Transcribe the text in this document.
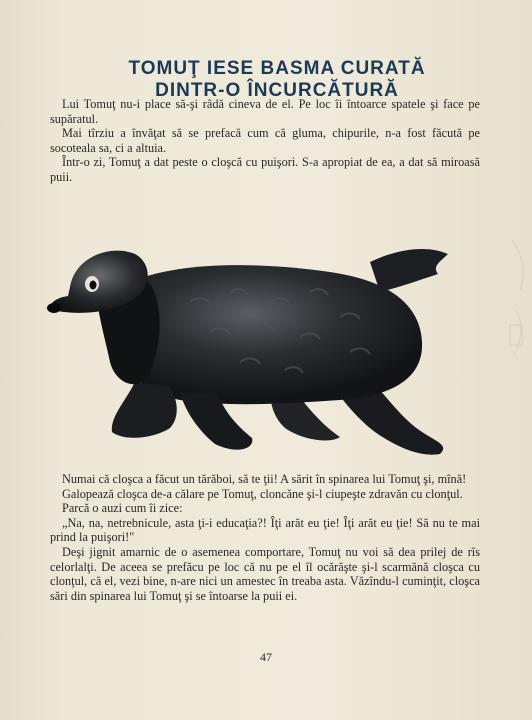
TOMUŢ IESE BASMA CURATĂ
DINTR-O ÎNCURCĂTURĂ

Lui Tomuţ nu-i place să-şi râdă cineva de el. Pe loc îi întoarce spatele şi face pe supăratul.

Mai tîrziu a învăţat să se prefacă cum că gluma, chipurile, n-a fost făcută pe socoteala sa, ci a altuia.

Într-o zi, Tomuţ a dat peste o cloşcă cu puişori. S-a apropiat de ea, a dat să miroasă puii.

Numai că cloşca a făcut un tărăboi, să te ţii! A sărit în spinarea lui Tomuţ şi, mînă!

Galopează cloşca de-a călare pe Tomuţ, cloncăne şi-l ciupeşte zdravăn cu clonţul.

Parcă o auzi cum îi zice:

„Na, na, netrebnicule, asta ţi-i educaţia?! Îţi arăt eu ţie! Îţi arăt eu ţie! Să nu te mai prind la puişori!"

Deşi jignit amarnic de o asemenea comportare, Tomuţ nu voi să dea prilej de rîs celorlalţi. De aceea se prefăcu pe loc că nu pe el îl ocărăşte şi-l scarmănă cloşca cu clonţul, că el, vezi bine, n-are nici un amestec în treaba asta. Văzîndu-l cuminţit, cloşca sări din spinarea lui Tomuţ şi se întoarse la puii ei.

47
